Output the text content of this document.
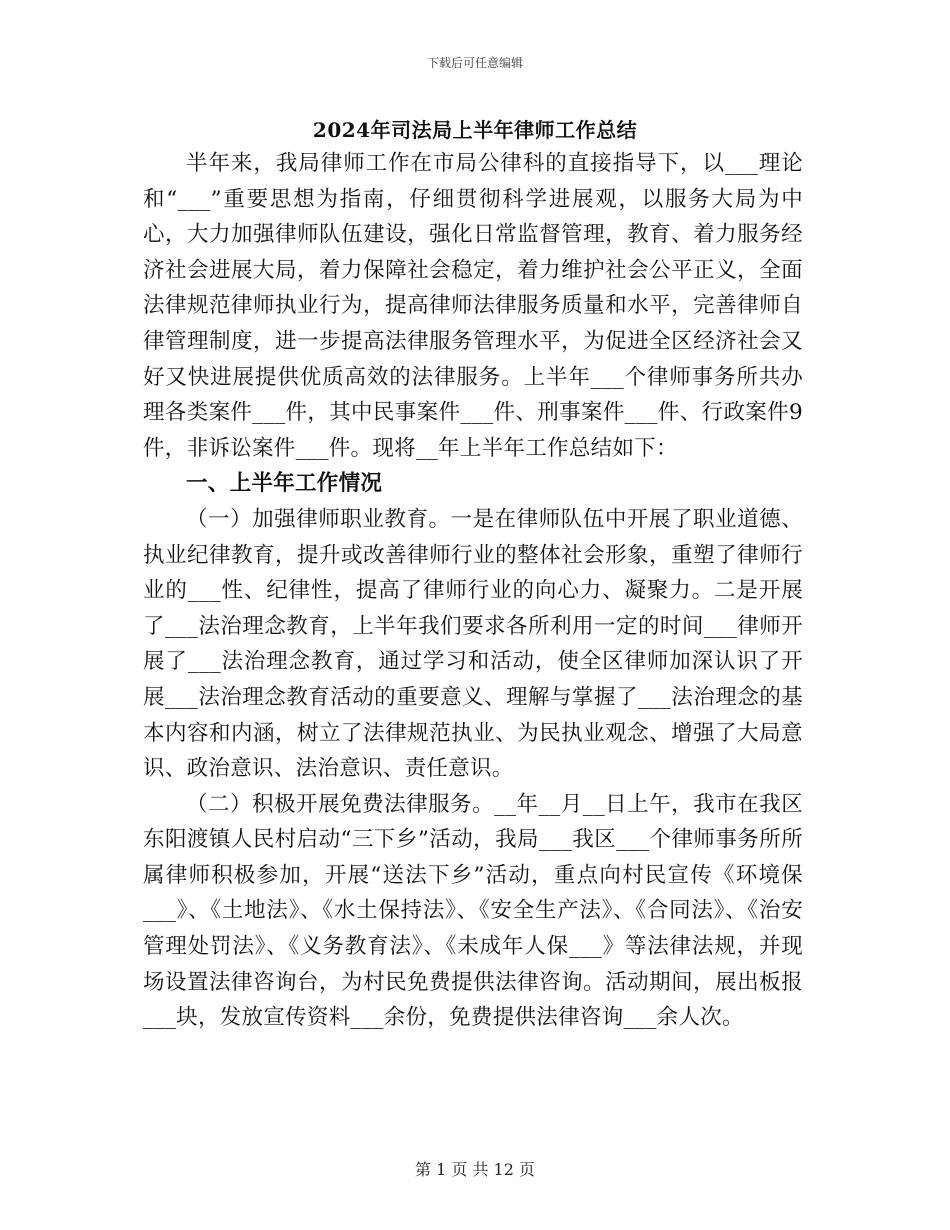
下载后可任意编辑
2024年司法局上半年律师工作总结

半年来，我局律师工作在市局公律科的直接指导下，以___理论和“___”重要思想为指南，仔细贯彻科学进展观，以服务大局为中心，大力加强律师队伍建设，强化日常监督管理，教育、着力服务经济社会进展大局，着力保障社会稳定，着力维护社会公平正义，全面法律规范律师执业行为，提高律师法律服务质量和水平，完善律师自律管理制度，进一步提高法律服务管理水平，为促进全区经济社会又好又快进展提供优质高效的法律服务。上半年___个律师事务所共办理各类案件___件，其中民事案件___件、刑事案件___件、行政案件9 件，非诉讼案件___件。现将__年上半年工作总结如下：

一、上半年工作情况

（一）加强律师职业教育。一是在律师队伍中开展了职业道德、执业纪律教育，提升或改善律师行业的整体社会形象，重塑了律师行业的___性、纪律性，提高了律师行业的向心力、凝聚力。二是开展了___法治理念教育，上半年我们要求各所利用一定的时间___律师开展了___法治理念教育，通过学习和活动，使全区律师加深认识了开展___法治理念教育活动的重要意义、理解与掌握了___法治理念的基本内容和内涵，树立了法律规范执业、为民执业观念、增强了大局意识、政治意识、法治意识、责任意识。

（二）积极开展免费法律服务。__年__月__日上午，我市在我区东阳渡镇人民村启动“三下乡”活动，我局___我区___个律师事务所所属律师积极参加，开展“送法下乡”活动，重点向村民宣传《环境保___》、《土地法》、《水土保持法》、《安全生产法》、《合同法》、《治安管理处罚法》、《义务教育法》、《未成年人保___》等法律法规，并现场设置法律咨询台，为村民免费提供法律咨询。活动期间，展出板报___块，发放宣传资料___余份，免费提供法律咨询___余人次。

第 1 页 共 12 页
